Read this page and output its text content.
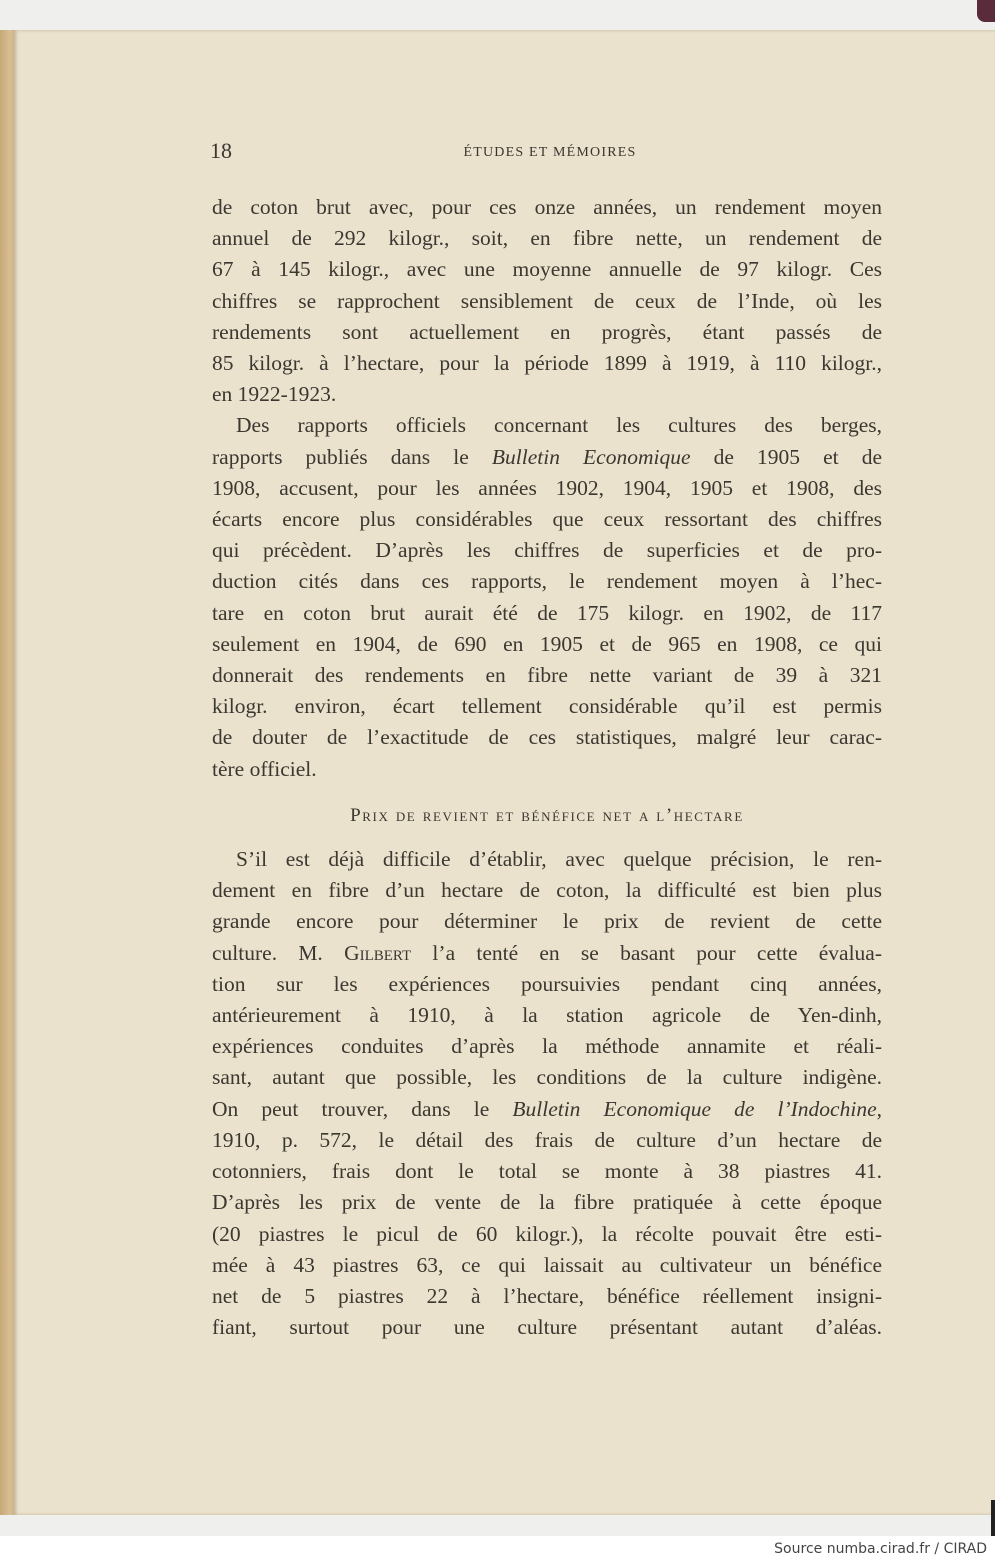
18	ÉTUDES ET MÉMOIRES
de coton brut avec, pour ces onze années, un rendement moyen
annuel de 292 kilogr., soit, en fibre nette, un rendement de
67 à 145 kilogr., avec une moyenne annuelle de 97 kilogr. Ces
chiffres se rapprochent sensiblement de ceux de l’Inde, où les
rendements sont actuellement en progrès, étant passés de
85 kilogr. à l’hectare, pour la période 1899 à 1919, à 110 kilogr.,
en 1922-1923.
Des rapports officiels concernant les cultures des berges,
rapports publiés dans le Bulletin Economique de 1905 et de
1908, accusent, pour les années 1902, 1904, 1905 et 1908, des
écarts encore plus considérables que ceux ressortant des chiffres
qui précèdent. D’après les chiffres de superficies et de pro-
duction cités dans ces rapports, le rendement moyen à l’hec-
tare en coton brut aurait été de 175 kilogr. en 1902, de 117
seulement en 1904, de 690 en 1905 et de 965 en 1908, ce qui
donnerait des rendements en fibre nette variant de 39 à 321
kilogr. environ, écart tellement considérable qu’il est permis
de douter de l’exactitude de ces statistiques, malgré leur carac-
tère officiel.
Prix de revient et bénéfice net a l’hectare
S’il est déjà difficile d’établir, avec quelque précision, le ren-
dement en fibre d’un hectare de coton, la difficulté est bien plus
grande encore pour déterminer le prix de revient de cette
culture. M. Gilbert l’a tenté en se basant pour cette évalua-
tion sur les expériences poursuivies pendant cinq années,
antérieurement à 1910, à la station agricole de Yen-dinh,
expériences conduites d’après la méthode annamite et réali-
sant, autant que possible, les conditions de la culture indigène.
On peut trouver, dans le Bulletin Economique de l’Indochine,
1910, p. 572, le détail des frais de culture d’un hectare de
cotonniers, frais dont le total se monte à 38 piastres 41.
D’après les prix de vente de la fibre pratiquée à cette époque
(20 piastres le picul de 60 kilogr.), la récolte pouvait être esti-
mée à 43 piastres 63, ce qui laissait au cultivateur un bénéfice
net de 5 piastres 22 à l’hectare, bénéfice réellement insigni-
fiant, surtout pour une culture présentant autant d’aléas.
Source numba.cirad.fr / CIRAD
